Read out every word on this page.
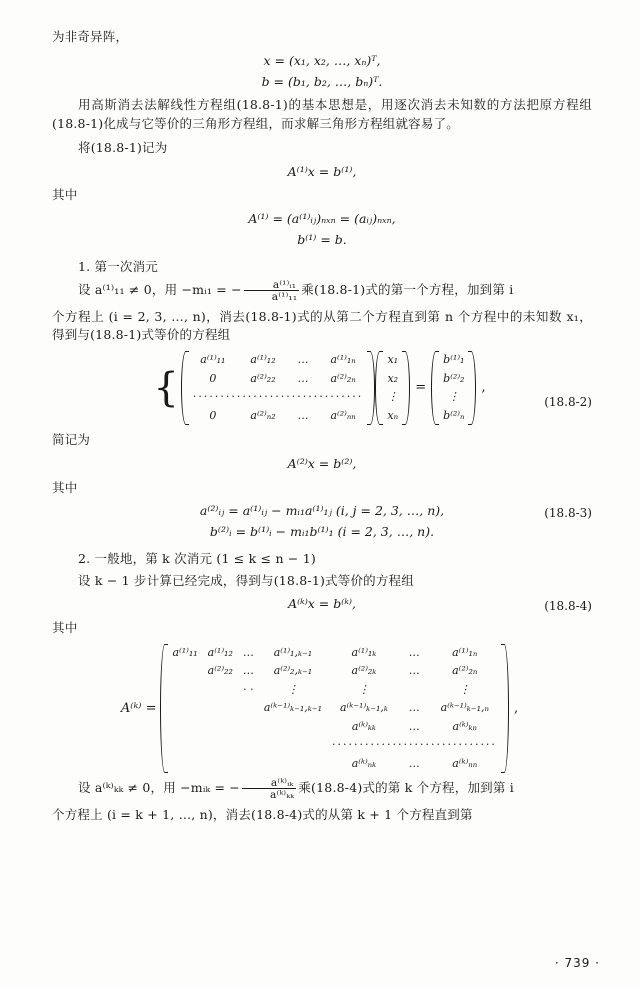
为非奇异阵，
x = (x₁, x₂, …, xₙ)ᵀ,
b = (b₁, b₂, …, bₙ)ᵀ.
用高斯消去法解线性方程组(18.8-1)的基本思想是，用逐次消去未知数的方法把原方程组(18.8-1)化成与它等价的三角形方程组，而求解三角形方程组就容易了。
将(18.8-1)记为
A⁽¹⁾x = b⁽¹⁾,
其中
A⁽¹⁾ = (a⁽¹⁾ᵢⱼ)ₙₓₙ = (aᵢⱼ)ₙₓₙ,
b⁽¹⁾ = b.
1. 第一次消元
设 a⁽¹⁾₁₁ ≠ 0，用 −mᵢ₁ = − $\frac{\text{a⁽¹⁾ᵢ₁}}{\text{a⁽¹⁾₁₁}}$ 乘(18.8-1)式的第一个方程，加到第 i
个方程上 (i = 2, 3, …, n)，消去(18.8-1)式的从第二个方程直到第 n 个方程中的未知数 x₁，得到与(18.8-1)式等价的方程组
{
a⁽¹⁾₁₁	a⁽¹⁾₁₂	…	a⁽¹⁾₁ₙ
0	a⁽²⁾₂₂	…	a⁽²⁾₂ₙ
·······························			
0	a⁽²⁾ₙ₂	…	a⁽²⁾ₙₙ
x₁
x₂
⋮
xₙ
=
b⁽¹⁾₁
b⁽²⁾₂
⋮
b⁽²⁾ₙ
,
(18.8-2)
简记为
A⁽²⁾x = b⁽²⁾,
其中
a⁽²⁾ᵢⱼ = a⁽¹⁾ᵢⱼ − mᵢ₁a⁽¹⁾₁ⱼ (i, j = 2, 3, …, n),
b⁽²⁾ᵢ = b⁽¹⁾ᵢ − mᵢ₁b⁽¹⁾₁ (i = 2, 3, …, n).
(18.8-3)
2. 一般地，第 k 次消元 (1 ≤ k ≤ n − 1)
设 k − 1 步计算已经完成，得到与(18.8-1)式等价的方程组
A⁽ᵏ⁾x = b⁽ᵏ⁾,	(18.8-4)
其中
A⁽ᵏ⁾ =
a⁽¹⁾₁₁	a⁽¹⁾₁₂	…	a⁽¹⁾₁,ₖ₋₁	a⁽¹⁾₁ₖ	…	a⁽¹⁾₁ₙ
	a⁽²⁾₂₂	…	a⁽²⁾₂,ₖ₋₁	a⁽²⁾₂ₖ	…	a⁽²⁾₂ₙ
		· ·	⋮	⋮		⋮
			a⁽ᵏ⁻¹⁾ₖ₋₁,ₖ₋₁	a⁽ᵏ⁻¹⁾ₖ₋₁,ₖ	…	a⁽ᵏ⁻¹⁾ₖ₋₁,ₙ
				a⁽ᵏ⁾ₖₖ	…	a⁽ᵏ⁾ₖₙ
				······························		
				a⁽ᵏ⁾ₙₖ	…	a⁽ᵏ⁾ₙₙ
,
设 a⁽ᵏ⁾ₖₖ ≠ 0，用 −mᵢₖ = − $\frac{\text{a⁽ᵏ⁾ᵢₖ}}{\text{a⁽ᵏ⁾ₖₖ}}$ 乘(18.8-4)式的第 k 个方程，加到第 i
个方程上 (i = k + 1, …, n)，消去(18.8-4)式的从第 k + 1 个方程直到第
· 739 ·
